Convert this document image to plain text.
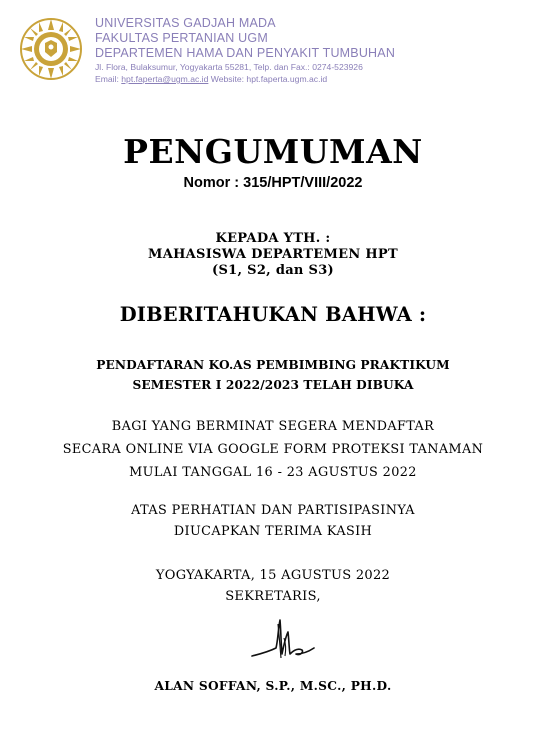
UNIVERSITAS GADJAH MADA
FAKULTAS PERTANIAN UGM
DEPARTEMEN HAMA DAN PENYAKIT TUMBUHAN
Jl. Flora, Bulaksumur, Yogyakarta 55281, Telp. dan Fax.: 0274-523926
Email: hpt.faperta@ugm.ac.id Website: hpt.faperta.ugm.ac.id
PENGUMUMAN
Nomor : 315/HPT/VIII/2022
KEPADA YTH. :
MAHASISWA DEPARTEMEN HPT
(S1, S2, dan S3)
DIBERITAHUKAN BAHWA :
PENDAFTARAN KO.AS PEMBIMBING PRAKTIKUM
SEMESTER I 2022/2023 TELAH DIBUKA
BAGI YANG BERMINAT SEGERA MENDAFTAR
SECARA ONLINE VIA GOOGLE FORM PROTEKSI TANAMAN
MULAI TANGGAL 16 - 23 AGUSTUS 2022
ATAS PERHATIAN DAN PARTISIPASINYA
DIUCAPKAN TERIMA KASIH
YOGYAKARTA, 15 AGUSTUS 2022
SEKRETARIS,
ALAN SOFFAN, S.P., M.SC., PH.D.
